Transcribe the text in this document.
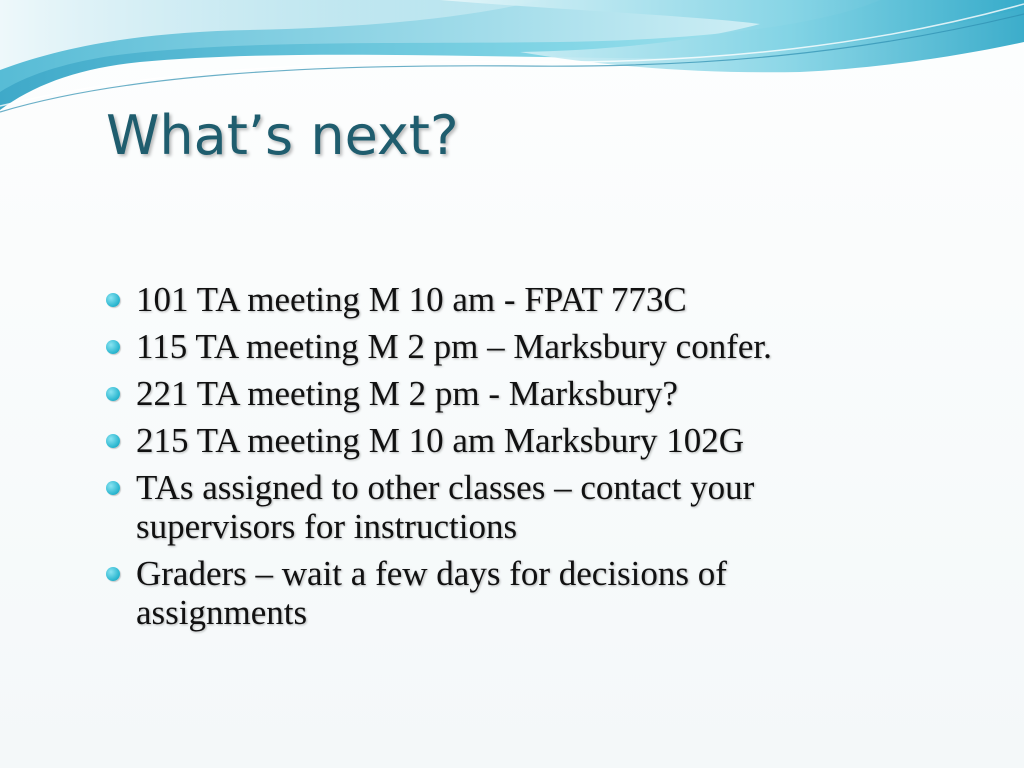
What’s next?
101 TA meeting M 10 am - FPAT 773C
115 TA meeting M 2 pm – Marksbury confer.
221 TA meeting M 2 pm - Marksbury?
215 TA meeting M 10 am Marksbury 102G
TAs assigned to other classes – contact your supervisors for instructions
Graders – wait a few days for decisions of assignments
